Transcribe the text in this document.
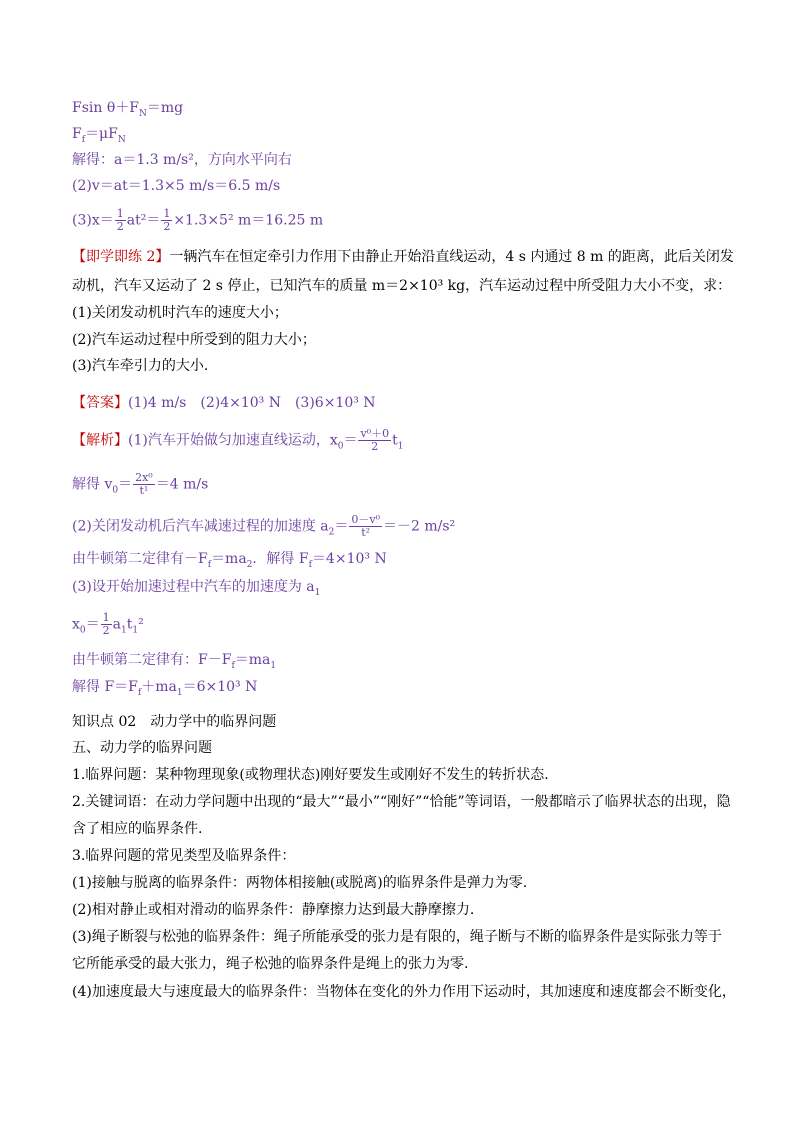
Fsin $\theta+F_N=mg$
$F_f=\mu F_N$
解得：a＝1.3 m/s²，方向水平向右
(2)v＝at＝1.3×5 m/s＝6.5 m/s
$(3)x= \frac{1}{2} at^2= \frac{1}{2} \times 1.3\times 5^2$ m＝16.25 m
【即学即练 2】一辆汽车在恒定牵引力作用下由静止开始沿直线运动，4 s 内通过 8 m 的距离，此后关闭发
动机，汽车又运动了 2 s 停止，已知汽车的质量 m＝2×10³ kg，汽车运动过程中所受阻力大小不变，求：
(1)关闭发动机时汽车的速度大小；
(2)汽车运动过程中所受到的阻力大小；
(3)汽车牵引力的大小.
【答案】(1)4 m/s　(2)4×10³ N　(3)6×10³ N
【解析】(1)汽车开始做匀加速直线运动，$x_0= \frac{\text{v⁰＋0}}{2} t_1$
解得 $v_0= \frac{\text{2x⁰}}{\text{t¹}} =4$ m/s
(2)关闭发动机后汽车减速过程的加速度 $a_2= \frac{\text{0－v⁰}}{\text{t²}} =-2$ m/s²
由牛顿第二定律有$-F_f=ma_2$．解得 $F_f=4\times 10^3$ N
(3)设开始加速过程中汽车的加速度为 $a_1$
$x_0= \frac{1}{2} a_1t_1^2$
由牛顿第二定律有：$F-F_f=ma_1$
解得 $F=F_f+ma_1=6\times 10^3$ N
知识点 02　动力学中的临界问题
五、动力学的临界问题
1.临界问题：某种物理现象(或物理状态)刚好要发生或刚好不发生的转折状态.
2.关键词语：在动力学问题中出现的“最大”“最小”“刚好”“恰能”等词语，一般都暗示了临界状态的出现，隐
含了相应的临界条件.
3.临界问题的常见类型及临界条件：
(1)接触与脱离的临界条件：两物体相接触(或脱离)的临界条件是弹力为零.
(2)相对静止或相对滑动的临界条件：静摩擦力达到最大静摩擦力.
(3)绳子断裂与松弛的临界条件：绳子所能承受的张力是有限的，绳子断与不断的临界条件是实际张力等于
它所能承受的最大张力，绳子松弛的临界条件是绳上的张力为零.
(4)加速度最大与速度最大的临界条件：当物体在变化的外力作用下运动时，其加速度和速度都会不断变化，
